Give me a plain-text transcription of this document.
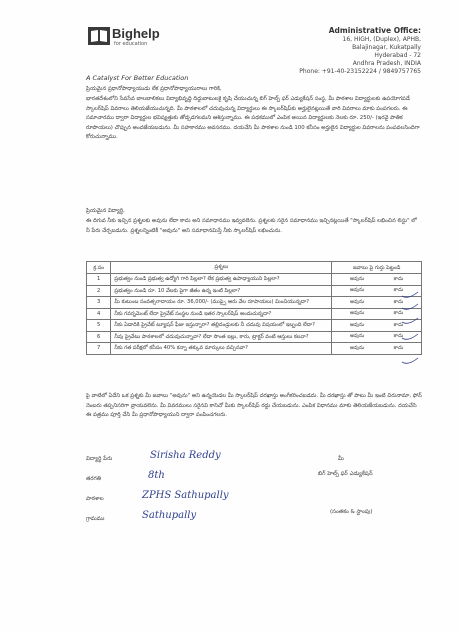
Bighelp
for education
A Catalyst For Better Education
Administrative Office:
16, HIGH, (Duplex), APHB,
Balajinagar, Kukatpally
Hyderabad - 72
Andhra Pradesh, INDIA
Phone: +91-40-23152224 / 9849757765
ప్రియమైన ప్రధానోపాధ్యాయుడు లేక ప్రధానోపాధ్యాయురాలు గారికి,
భారతదేశంలోని సేవసేవ బాలబాలికలు విద్యాభివృద్ధి దిద్దుబాటులకై కృషి చేయుచున్న బిగ్ హెల్ప్ ఫర్ ఎడ్యుకేషన్ సంస్థ, మీ పాఠశాల విద్యార్థులకు ఉపయోగపడే స్కాలర్‌షిప్ వివరాలు తెలియజేయుచున్నది. మీ పాఠశాలలో చదువుచున్న విద్యార్థులు ఈ స్కాలర్‌షిప్‌కు అర్హులైనట్లయితే వారి వివరాలు మాకు పంపగలరు. ఈ సమాచారము ద్వారా విద్యార్థుల భవిష్యత్తుకు తోడ్పడగలమని ఆశిస్తున్నాము. ఈ పథకములో ఎంపిక అయిన విద్యార్థులకు నెలకు రూ. 250/- (ఇరవై పాతిక రూపాయలు) చొప్పున అందజేయబడును. మీ సహకారము అవసరము. దయచేసి మీ పాఠశాల నుండి 100 కనీసం అర్హులైన విద్యార్థుల వివరాలను పంపవలసిందిగా కోరుచున్నాము.
ప్రియమైన విద్యార్థి,
ఈ దిగువ నీకు ఇచ్చిన ప్రశ్నలకు అవును లేదా కాదు అని సమాధానము ఇవ్వవలెను. ప్రశ్నలకు సరైన సమాధానము ఇచ్చినట్లయితే "స్కాలర్‌షిప్ లభించిన లిస్టు" లో నీ పేరు చేర్చబడును. ప్రశ్నలన్నింటికీ "అవును" అని సమాధానమిస్తే నీకు స్కాలర్‌షిప్ లభించును.
క్ర.సం	ప్రశ్నలు	జవాబు పై గుర్తు పెట్టండి
1	ప్రభుత్వం నుండి ప్రభుత్వ ఉద్యోగి గారి పిల్లలా? లేక ప్రభుత్వ ఉపాధ్యాయుని పిల్లలా?	అవును కాదు

2	ప్రభుత్వం నుండి రూ. 10 వేలకు పైగా జీతం ఉన్న ఇంటి పిల్లలా?	అవును కాదు

3	మీ కుటుంబ సంవత్సరాదాయం రూ. 36,000/- (ముప్పై ఆరు వేల రూపాయలు) మించియున్నదా?	అవును కాదు

4	నీకు గవర్నమెంట్ లేదా ప్రైవేట్ సంస్థల నుండి ఇతర స్కాలర్‌షిప్ అందుచున్నదా?	అవును కాదు

5	నీకు ఏడాదికి ప్రైవేట్ ట్యూషన్ ఫీజు ఇస్తున్నారా? తల్లిదండ్రులకు నీ చదువు విషయంలో ఇబ్బంది లేదా?	అవును కాదు

6	నీవు ప్రైవేటు పాఠశాలలో చదువుచున్నావా? లేదా సొంత ఇల్లు, కారు, ట్రాక్టర్ వంటి ఆస్తులు కలవా?	అవును కాదు

7	నీకు గత పరీక్షలో కనీసం 40% కన్నా తక్కువ మార్కులు వచ్చినవా?	అవును కాదు
పై వాటిలో ఏదేని ఒక ప్రశ్నకు మీ జవాబు "అవును" అని ఉన్నయెడల మీ స్కాలర్‌షిప్ దరఖాస్తు అంగీకరించబడదు. మీ దరఖాస్తు తో పాటు మీ ఇంటి చిరునామా, ఫోన్ నెంబరు తప్పనిసరిగా వ్రాయవలెను. మీ వివరములు సరైనవి కానిచో మీకు స్కాలర్‌షిప్ రద్దు చేయబడును. ఎంపిక విధానము మాకు తెలియజేయబడును. దయచేసి ఈ పత్రము పూర్తి చేసి మీ ప్రధానోపాధ్యాయుని ద్వారా పంపించగలరు.
విద్యార్థి పేరు	Sirisha Reddy
తరగతి	8th
పాఠశాల	ZPHS Sathupally
గ్రామము	Sathupally
మీ
బిగ్ హెల్ప్ ఫర్ ఎడ్యుకేషన్
(సంతకం & స్టాంపు)
